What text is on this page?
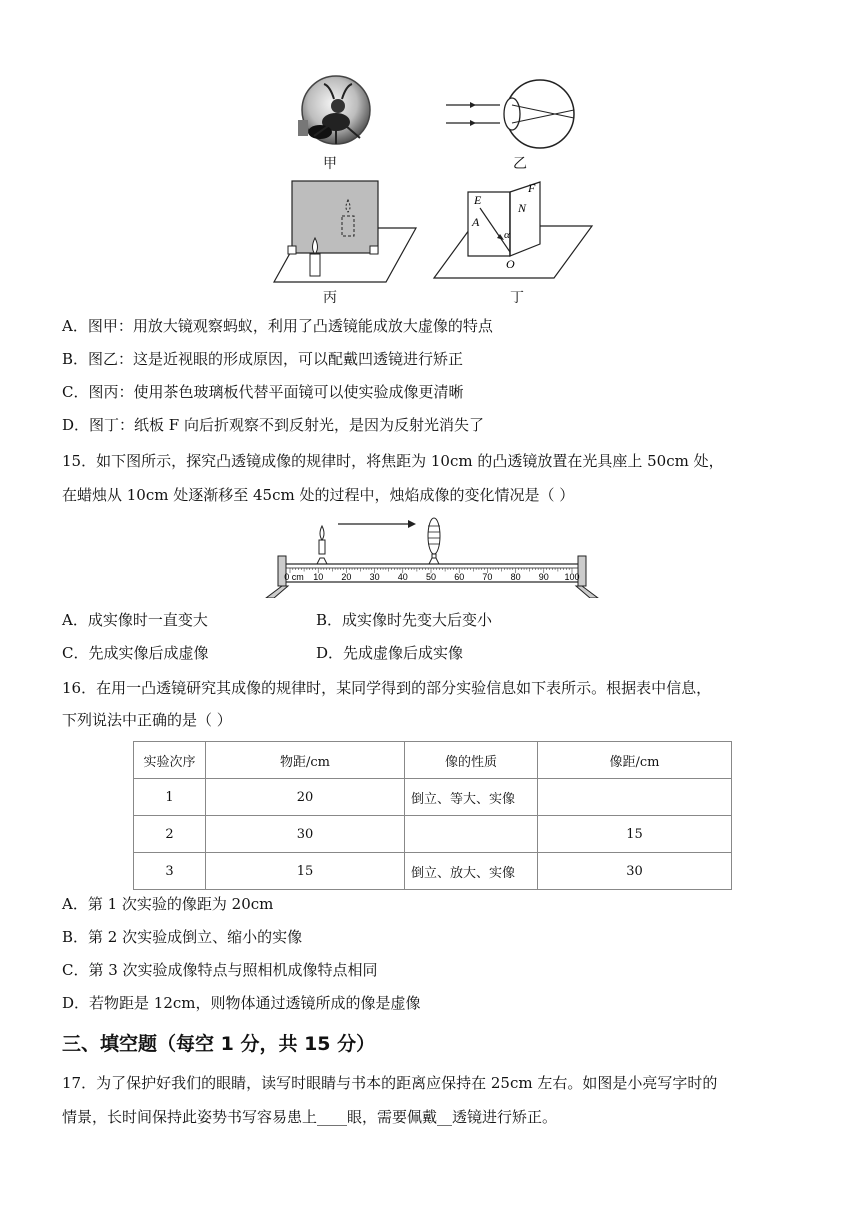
甲	乙
丙
E
F
N
A
α
O
丁
A．图甲：用放大镜观察蚂蚁，利用了凸透镜能成放大虚像的特点
B．图乙：这是近视眼的形成原因，可以配戴凹透镜进行矫正
C．图丙：使用茶色玻璃板代替平面镜可以使实验成像更清晰
D．图丁：纸板 F 向后折观察不到反射光，是因为反射光消失了
15．如下图所示，探究凸透镜成像的规律时，将焦距为 10cm 的凸透镜放置在光具座上 50cm 处，
在蜡烛从 10cm 处逐渐移至 45cm 处的过程中，烛焰成像的变化情况是（ ）
0 cm 10 20 30 40 50 60 70 80 90 100
A．成实像时一直变大	B．成实像时先变大后变小
C．先成实像后成虚像	D．先成虚像后成实像
16．在用一凸透镜研究其成像的规律时，某同学得到的部分实验信息如下表所示。根据表中信息，
下列说法中正确的是（ ）
实验次序	物距/cm	像的性质	像距/cm
1	20	倒立、等大、实像	
2	30		15
3	15	倒立、放大、实像	30
A．第 1 次实验的像距为 20cm
B．第 2 次实验成倒立、缩小的实像
C．第 3 次实验成像特点与照相机成像特点相同
D．若物距是 12cm，则物体通过透镜所成的像是虚像
三、填空题（每空 1 分，共 15 分）
17．为了保护好我们的眼睛，读写时眼睛与书本的距离应保持在 25cm 左右。如图是小亮写字时的
情景，长时间保持此姿势书写容易患上____眼，需要佩戴__透镜进行矫正。
